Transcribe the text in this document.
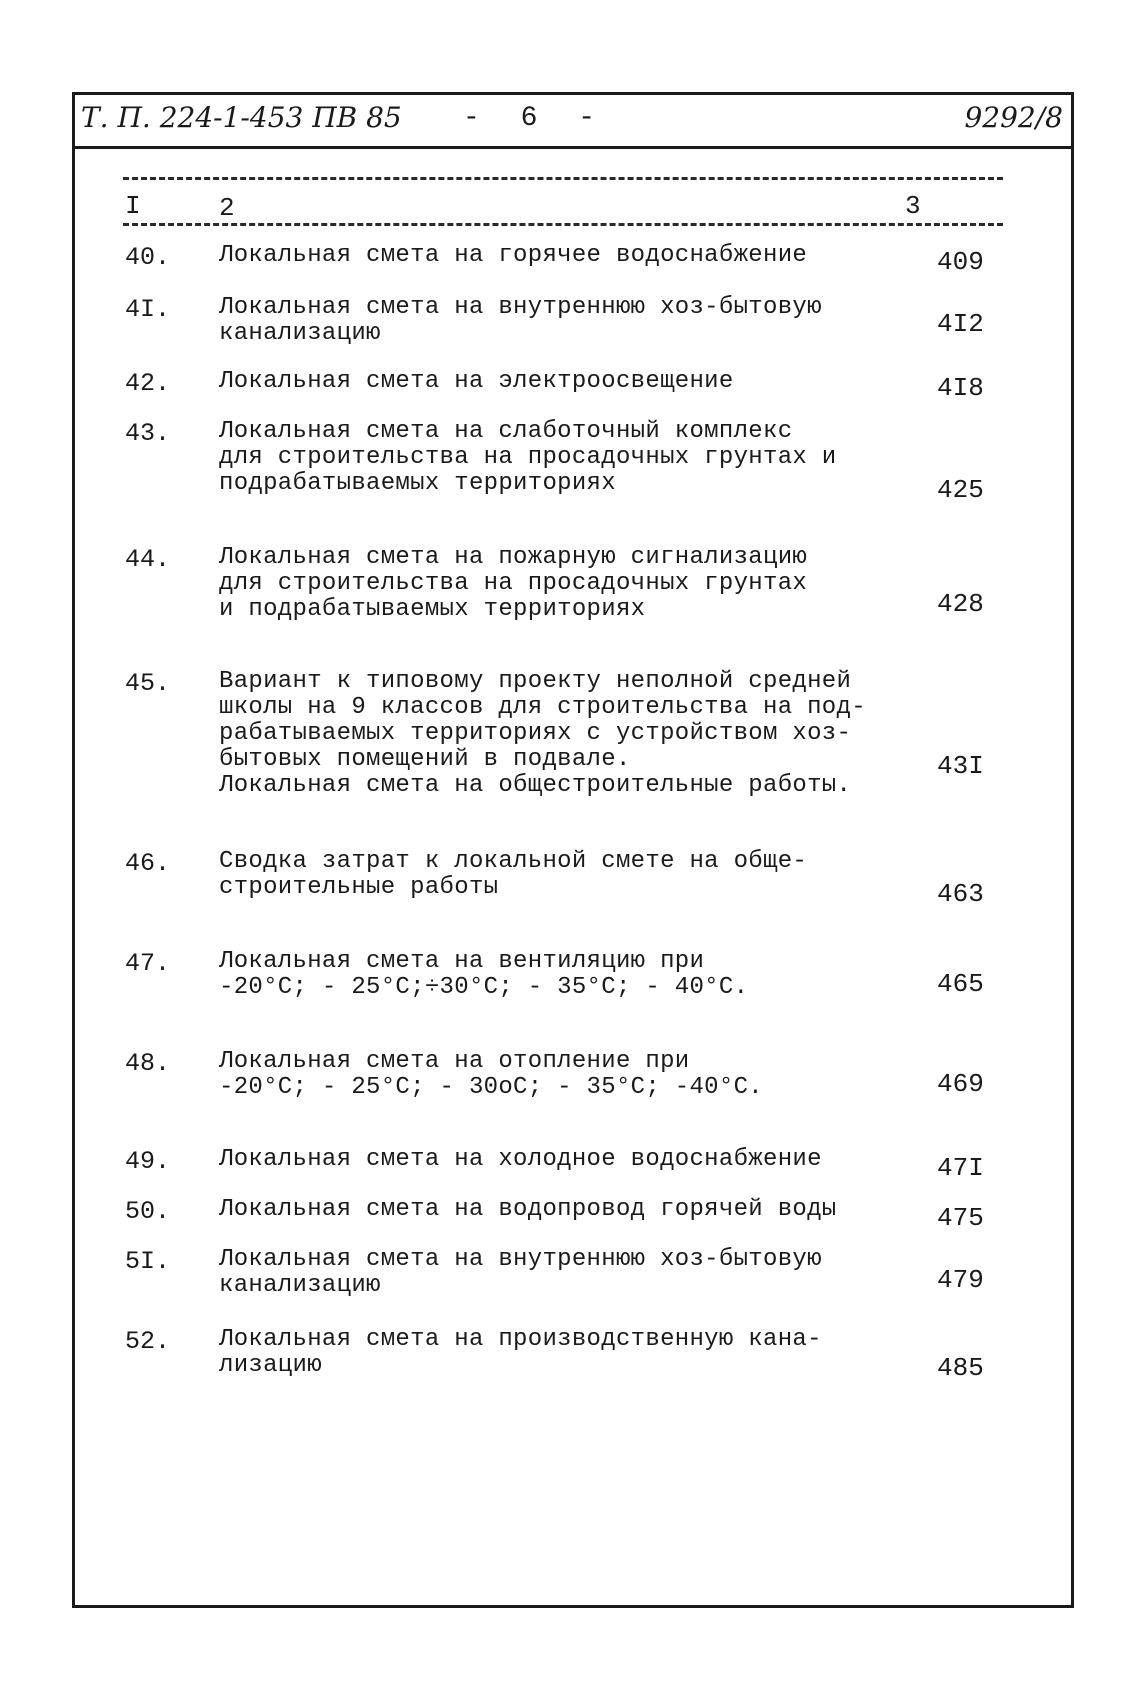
Т. П. 224-1-453 ПВ 85 - 6 -	9292/8
I	2	3
40. Локальная смета на горячее водоснабжение	409
4I. Локальная смета на внутреннюю хоз-бытовую
канализацию	4I2
42. Локальная смета на электроосвещение	4I8
43. Локальная смета на слаботочный комплекс
для строительства на просадочных грунтах и
подрабатываемых территориях	425
44. Локальная смета на пожарную сигнализацию
для строительства на просадочных грунтах
и подрабатываемых территориях	428
45. Вариант к типовому проекту неполной средней
школы на 9 классов для строительства на под-
рабатываемых территориях с устройством хоз-
бытовых помещений в подвале.
Локальная смета на общестроительные работы.
43I
46. Сводка затрат к локальной смете на обще-
строительные работы	463
47. Локальная смета на вентиляцию при
-20°С; - 25°С;÷30°С; - 35°С; - 40°С.	465
48. Локальная смета на отопление при
-20°С; - 25°С; - 30оС; - 35°С; -40°С.	469
49. Локальная смета на холодное водоснабжение	47I
50. Локальная смета на водопровод горячей воды	475
5I. Локальная смета на внутреннюю хоз-бытовую
канализацию	479
52. Локальная смета на производственную кана-
лизацию	485
